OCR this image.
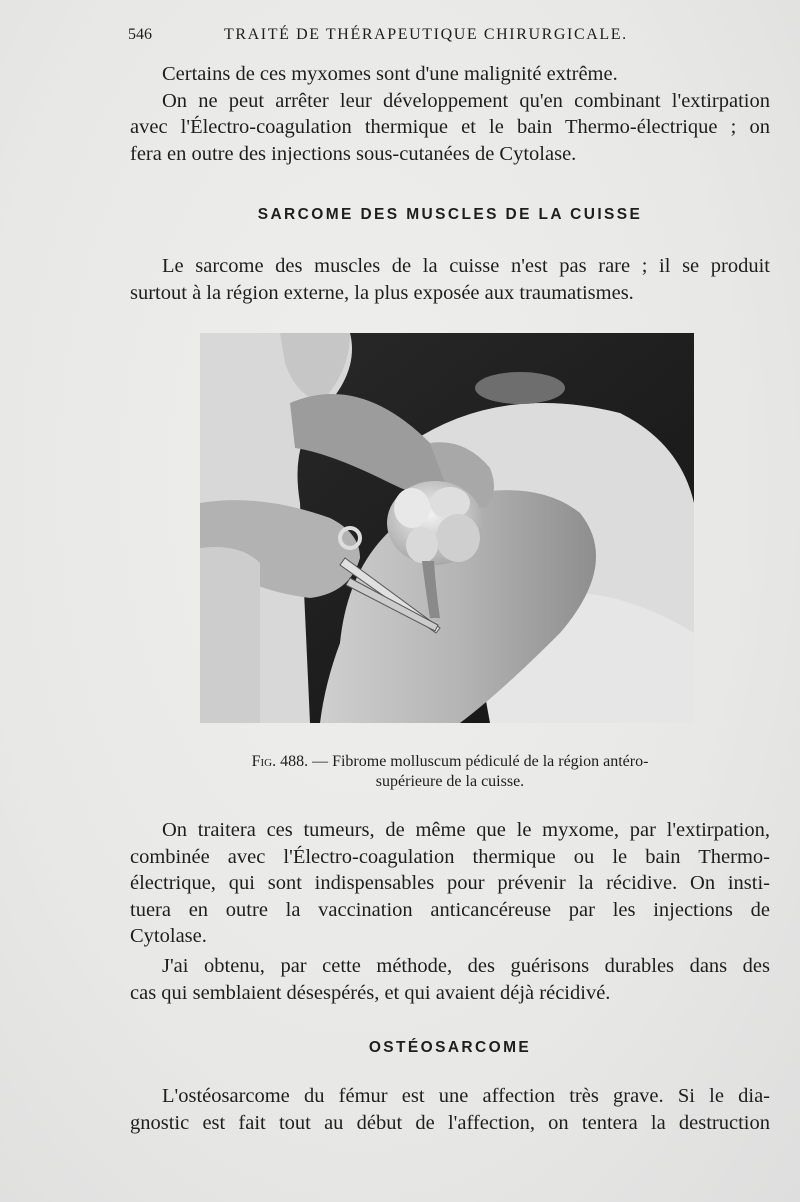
546	TRAITÉ DE THÉRAPEUTIQUE CHIRURGICALE.
Certains de ces myxomes sont d'une malignité extrême.
On ne peut arrêter leur développement qu'en combinant l'extirpation
avec l'Électro-coagulation thermique et le bain Thermo-électrique ; on
fera en outre des injections sous-cutanées de Cytolase.
SARCOME DES MUSCLES DE LA CUISSE
Le sarcome des muscles de la cuisse n'est pas rare ; il se produit
surtout à la région externe, la plus exposée aux traumatismes.
Fig. 488. — Fibrome molluscum pédiculé de la région antéro-
supérieure de la cuisse.
On traitera ces tumeurs, de même que le myxome, par l'extirpation,
combinée avec l'Électro-coagulation thermique ou le bain Thermo-
électrique, qui sont indispensables pour prévenir la récidive. On insti-
tuera en outre la vaccination anticancéreuse par les injections de
Cytolase.
J'ai obtenu, par cette méthode, des guérisons durables dans des
cas qui semblaient désespérés, et qui avaient déjà récidivé.
OSTÉOSARCOME
L'ostéosarcome du fémur est une affection très grave. Si le dia-
gnostic est fait tout au début de l'affection, on tentera la destruction
